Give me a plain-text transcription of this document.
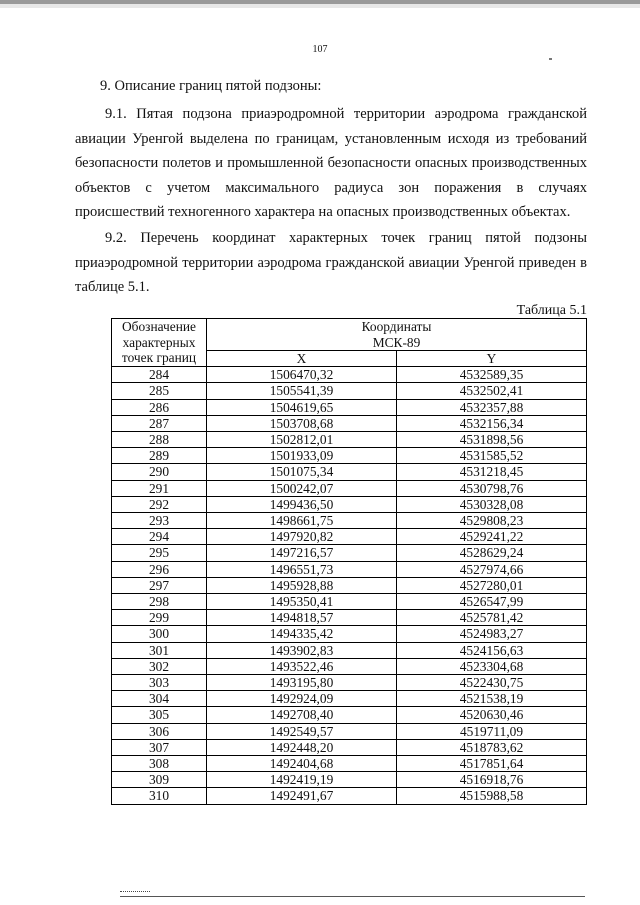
107
9. Описание границ пятой подзоны:
9.1. Пятая подзона приаэродромной территории аэродрома гражданской авиации Уренгой выделена по границам, установленным исходя из требований безопасности полетов и промышленной безопасности опасных производственных объектов с учетом максимального радиуса зон поражения в случаях происшествий техногенного характера на опасных производственных объектах.
9.2. Перечень координат характерных точек границ пятой подзоны приаэродромной территории аэродрома гражданской авиации Уренгой приведен в таблице 5.1.
Таблица 5.1
Обозначение характерных точек границ	Координаты
МСК-89	
	X	Y
284	1506470,32	4532589,35
285	1505541,39	4532502,41
286	1504619,65	4532357,88
287	1503708,68	4532156,34
288	1502812,01	4531898,56
289	1501933,09	4531585,52
290	1501075,34	4531218,45
291	1500242,07	4530798,76
292	1499436,50	4530328,08
293	1498661,75	4529808,23
294	1497920,82	4529241,22
295	1497216,57	4528629,24
296	1496551,73	4527974,66
297	1495928,88	4527280,01
298	1495350,41	4526547,99
299	1494818,57	4525781,42
300	1494335,42	4524983,27
301	1493902,83	4524156,63
302	1493522,46	4523304,68
303	1493195,80	4522430,75
304	1492924,09	4521538,19
305	1492708,40	4520630,46
306	1492549,57	4519711,09
307	1492448,20	4518783,62
308	1492404,68	4517851,64
309	1492419,19	4516918,76
310	1492491,67	4515988,58
